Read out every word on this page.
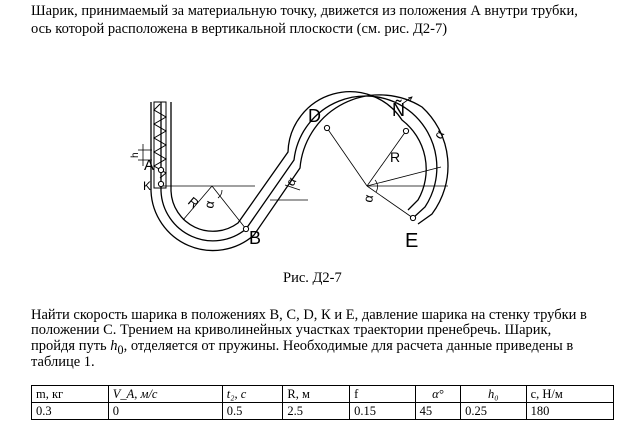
Шарик, принимаемый за материальную точку, движется из положения А внутри трубки,
ось которой расположена в вертикальной плоскости (см. рис. Д2-7)
D	Ñ
B	E
A
K
h
R
R
α
α
α
α
Рис. Д2-7
Найти скорость шарика в положениях В, С, D, К и Е, давление шарика на стенку трубки в
положении С. Трением на криволинейных участках траектории пренебречь. Шарик,
пройдя путь $h_0$, отделяется от пружины. Необходимые для расчета данные приведены в
таблице 1.
m, кг	V_A, м/с	t₂, с	R, м	f	α°	h₀	c, H/м
0.3	0	0.5	2.5	0.15	45	0.25	180
